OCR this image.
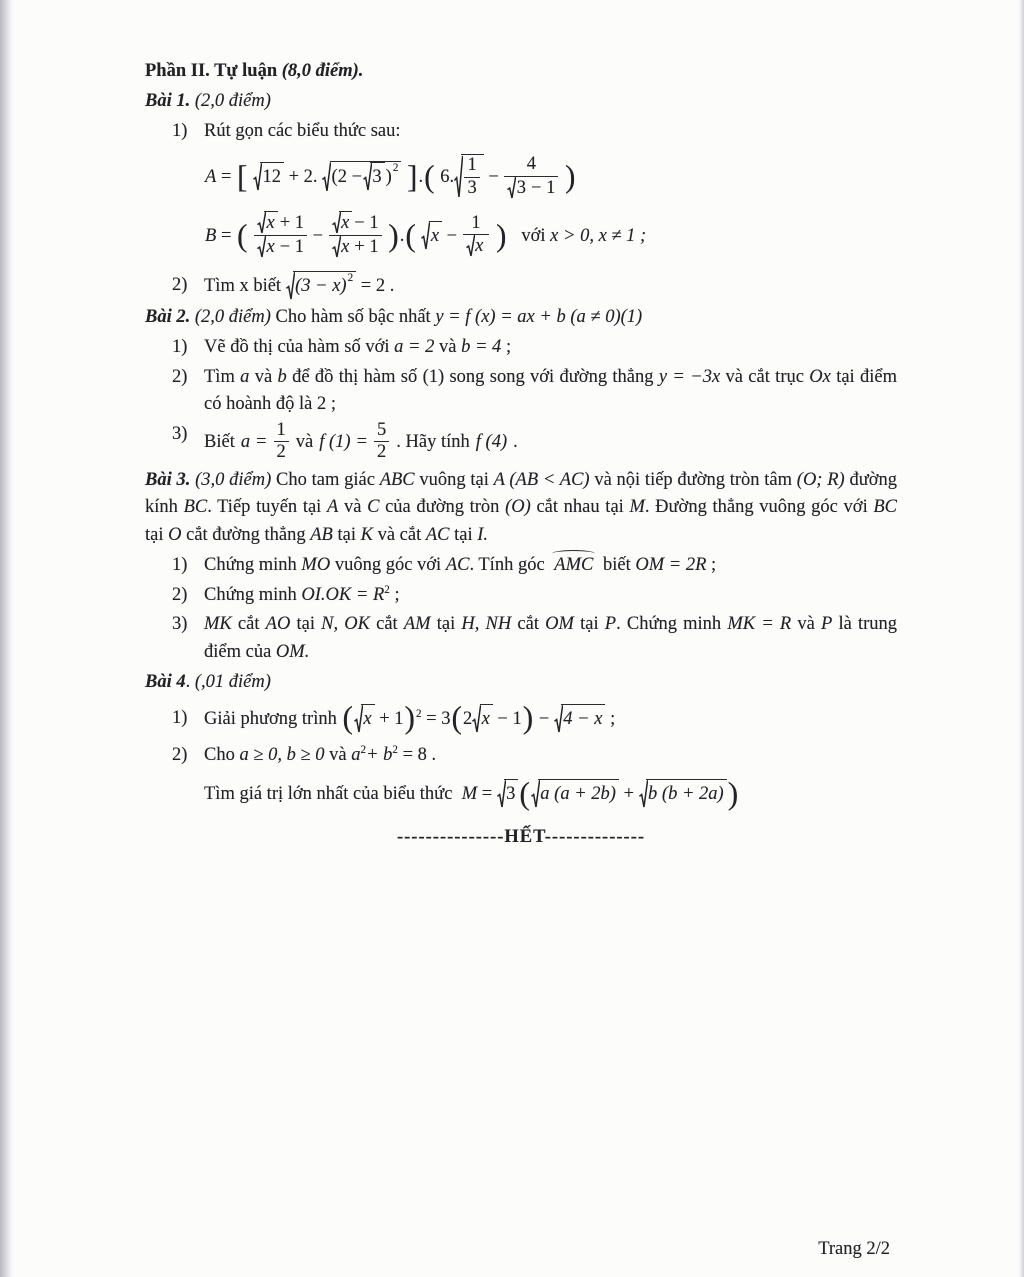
Phần II. Tự luận (8,0 điểm).
Bài 1. (2,0 điểm)
1) Rút gọn các biểu thức sau:
A = [ 12 + 2. (2 − 3 ) 2 ].( 6. $\frac{1}{3} - \frac{4}{3 - 1}$ )
B = ( $\frac{x + 1}{x - 1} - \frac{x - 1}{x + 1}$ ).( $x - \frac{1}{x}$ ) với x > 0, x ≠ 1 ;
2) Tìm x biết (3 − x) 2 = 2 .
Bài 2. (2,0 điểm) Cho hàm số bậc nhất y = f (x) = ax + b (a ≠ 0)(1)
1) Vẽ đồ thị của hàm số với a = 2 và b = 4 ;
2) Tìm a và b để đồ thị hàm số (1) song song với đường thẳng y = −3x và cắt trục Ox tại điểm có hoành độ là 2 ;
3) Biết $a = \frac{1}{2}$ và f $(1) = \frac{5}{2}$ . Hãy tính f (4) .
Bài 3. (3,0 điểm) Cho tam giác ABC vuông tại A (AB < AC) và nội tiếp đường tròn tâm (O; R) đường kính BC. Tiếp tuyến tại A và C của đường tròn (O) cắt nhau tại M. Đường thẳng vuông góc với BC tại O cắt đường thẳng AB tại K và cắt AC tại I.
1) Chứng minh MO vuông góc với AC. Tính góc AMC biết OM = 2R ;
2) Chứng minh $OI.OK = R^2$ ;
3) MK cắt AO tại N, OK cắt AM tại H, NH cắt OM tại P. Chứng minh MK = R và P là trung điểm của OM.
Bài 4. (,01 điểm)
1) Giải phương trình ( x + 1)$^2$ = 3(2 x − 1) − 4 − x ;
2) Cho a ≥ 0, b ≥ 0 và $a^2+ b^2 = 8$ .
Tìm giá trị lớn nhất của biểu thức M = 3 ( a (a + 2b) + b (b + 2a) )
---------------HẾT--------------
Trang 2/2
